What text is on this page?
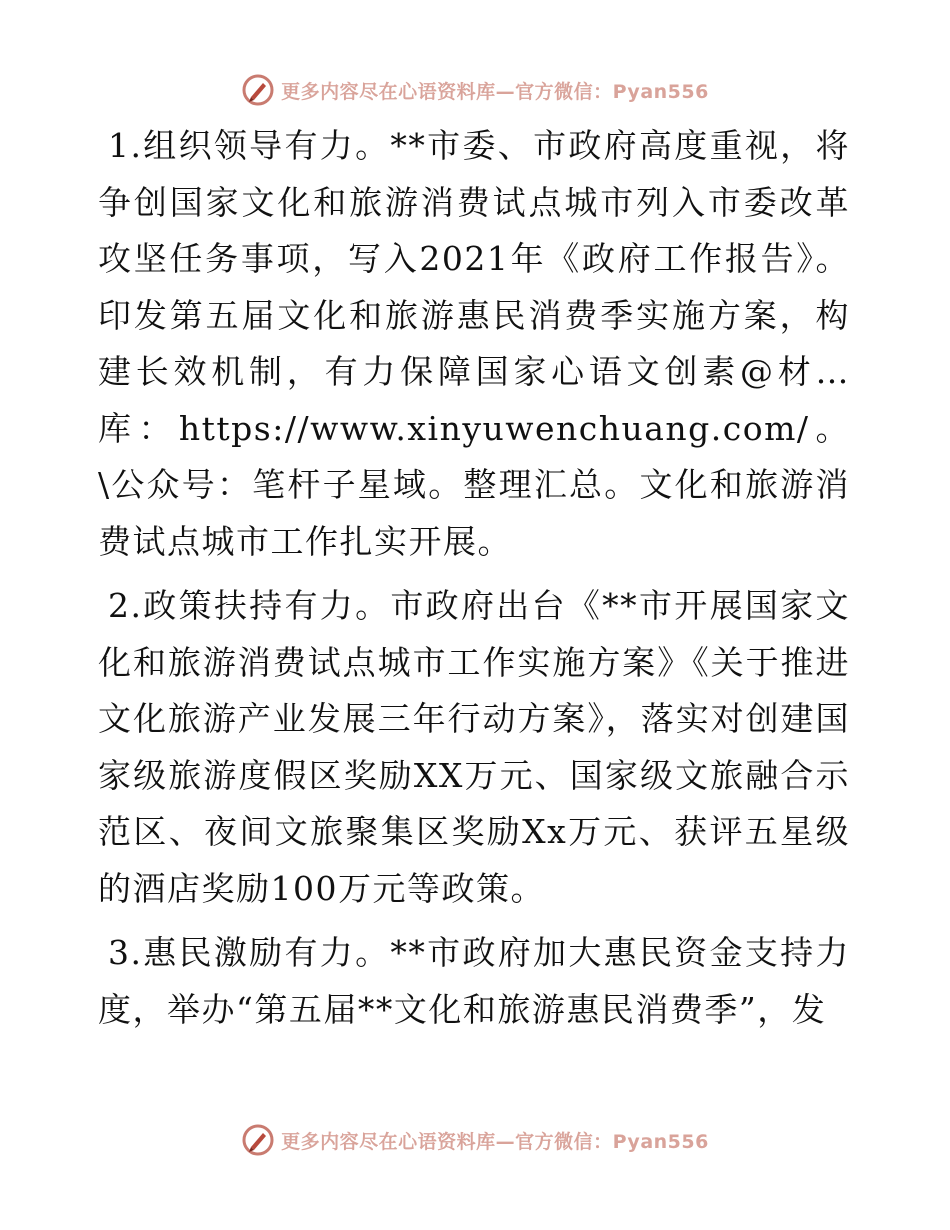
更多内容尽在心语资料库—官方微信：Pyan556

1.组织领导有力。**市委、市政府高度重视，将争创国家文化和旅游消费试点城市列入市委改革攻坚任务事项，写入2021年《政府工作报告》。印发第五届文化和旅游惠民消费季实施方案，构建长效机制，有力保障国家心语文创素@材…库：https://www.xinyuwenchuang.com/。\公众号：笔杆子星域。整理汇总。文化和旅游消费试点城市工作扎实开展。

2.政策扶持有力。市政府出台《**市开展国家文化和旅游消费试点城市工作实施方案》《关于推进文化旅游产业发展三年行动方案》，落实对创建国家级旅游度假区奖励XX万元、国家级文旅融合示范区、夜间文旅聚集区奖励Xx万元、获评五星级的酒店奖励100万元等政策。

3.惠民激励有力。**市政府加大惠民资金支持力度，举办“第五届**文化和旅游惠民消费季”，发

更多内容尽在心语资料库—官方微信：Pyan556
